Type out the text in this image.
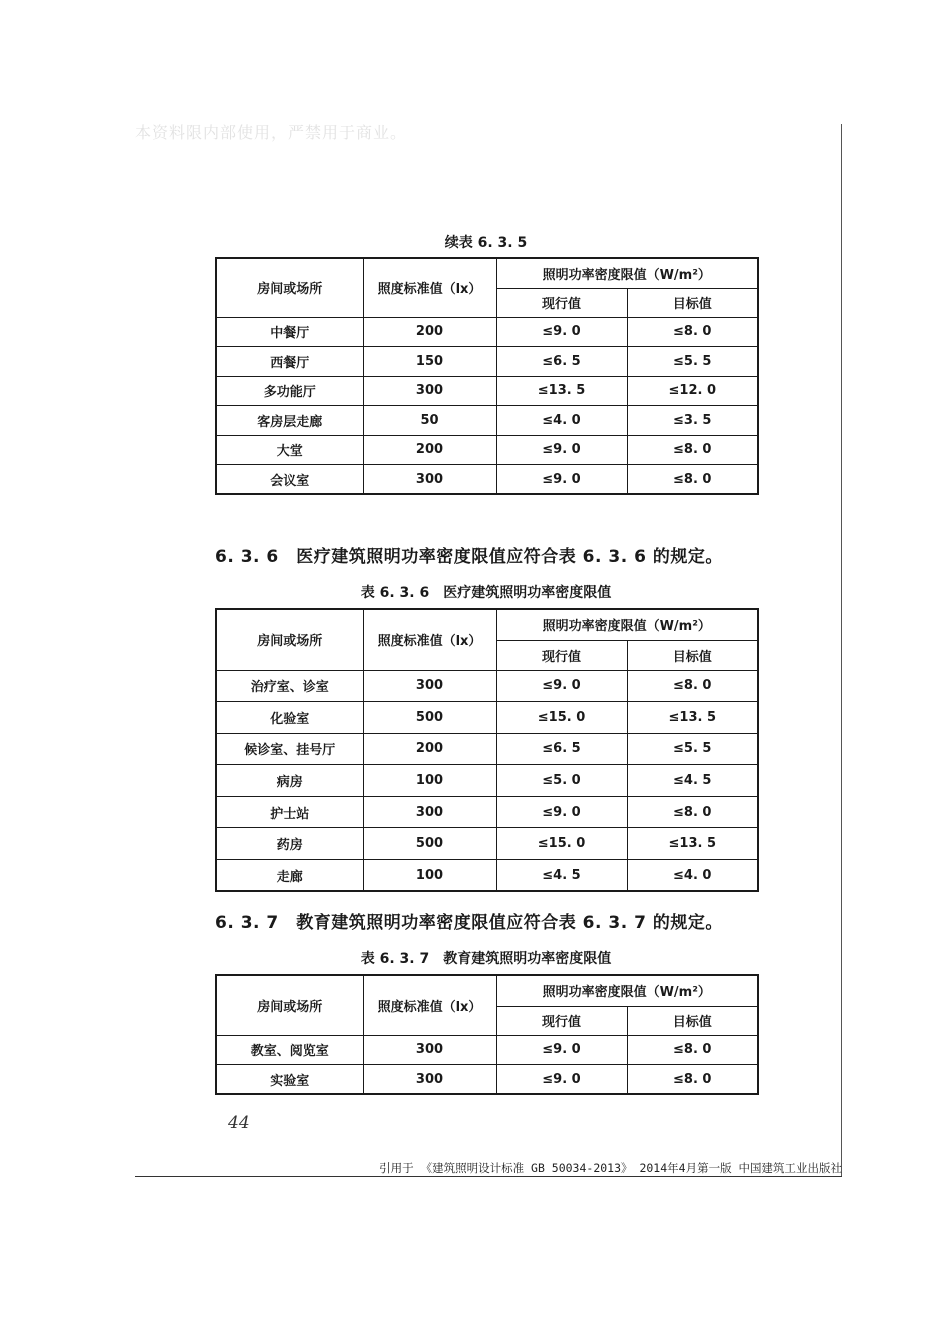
本资料限内部使用，严禁用于商业。
续表 6. 3. 5
房间或场所	照度标准值（lx）	照明功率密度限值（W/m²）	
		现行值	目标值
中餐厅	200	≤9. 0	≤8. 0
西餐厅	150	≤6. 5	≤5. 5
多功能厅	300	≤13. 5	≤12. 0
客房层走廊	50	≤4. 0	≤3. 5
大堂	200	≤9. 0	≤8. 0
会议室	300	≤9. 0	≤8. 0
6. 3. 6　医疗建筑照明功率密度限值应符合表 6. 3. 6 的规定。
表 6. 3. 6　医疗建筑照明功率密度限值
房间或场所	照度标准值（lx）	照明功率密度限值（W/m²）	
		现行值	目标值
治疗室、诊室	300	≤9. 0	≤8. 0
化验室	500	≤15. 0	≤13. 5
候诊室、挂号厅	200	≤6. 5	≤5. 5
病房	100	≤5. 0	≤4. 5
护士站	300	≤9. 0	≤8. 0
药房	500	≤15. 0	≤13. 5
走廊	100	≤4. 5	≤4. 0
6. 3. 7　教育建筑照明功率密度限值应符合表 6. 3. 7 的规定。
表 6. 3. 7　教育建筑照明功率密度限值
房间或场所	照度标准值（lx）	照明功率密度限值（W/m²）	
		现行值	目标值
教室、阅览室	300	≤9. 0	≤8. 0
实验室	300	≤9. 0	≤8. 0
44
引用于 《建筑照明设计标准 GB 50034-2013》 2014年4月第一版 中国建筑工业出版社
